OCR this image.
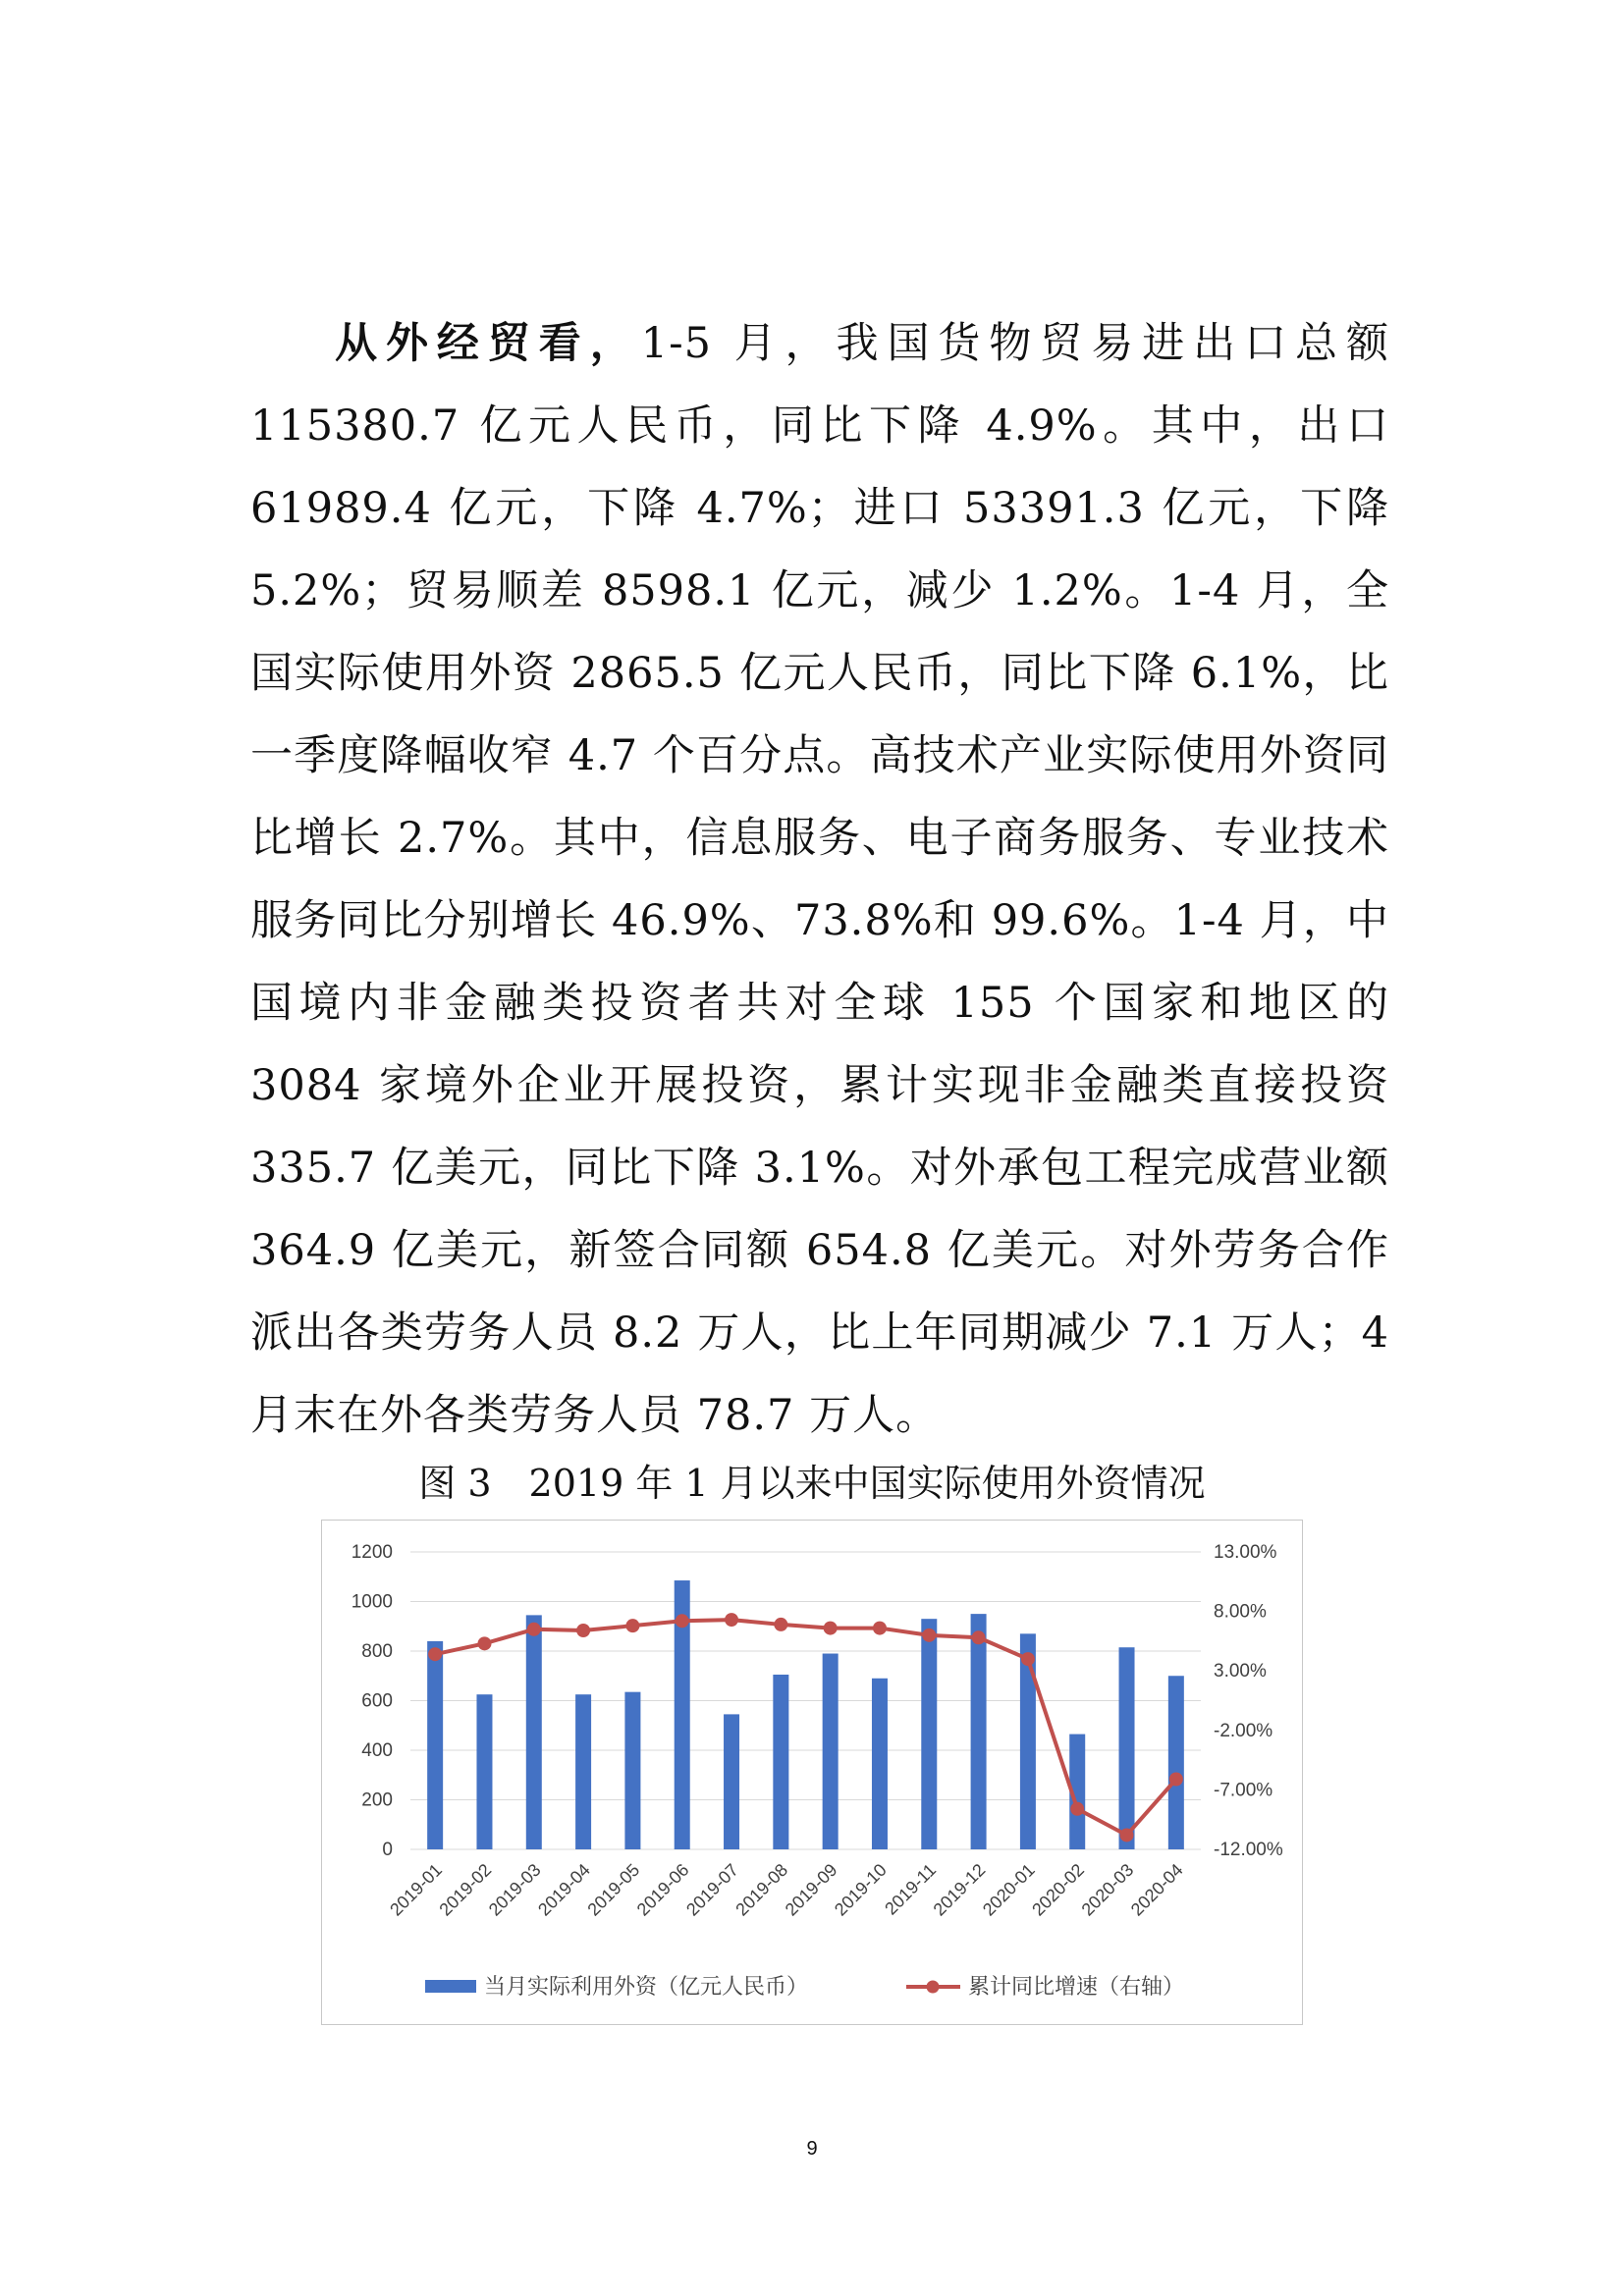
从外经贸看，1-5 月，我国货物贸易进出口总额 115380.7 亿元人民币，同比下降 4.9%。其中，出口 61989.4 亿元，下降 4.7%；进口 53391.3 亿元，下降 5.2%；贸易顺差 8598.1 亿元，减少 1.2%。1-4 月，全国实际使用外资 2865.5 亿元人民币，同比下降 6.1%，比一季度降幅收窄 4.7 个百分点。高技术产业实际使用外资同比增长 2.7%。其中，信息服务、电子商务服务、专业技术服务同比分别增长 46.9%、73.8%和 99.6%。1-4 月，中国境内非金融类投资者共对全球 155 个国家和地区的 3084 家境外企业开展投资，累计实现非金融类直接投资 335.7 亿美元，同比下降 3.1%。对外承包工程完成营业额 364.9 亿美元，新签合同额 654.8 亿美元。对外劳务合作派出各类劳务人员 8.2 万人，比上年同期减少 7.1 万人；4 月末在外各类劳务人员 78.7 万人。

图 3　2019 年 1 月以来中国实际使用外资情况
0
200
400
600
800
1000
1200
-12.00%
-7.00%
-2.00%
3.00%
8.00%
13.00%
2019-01
2019-02
2019-03
2019-04
2019-05
2019-06
2019-07
2019-08
2019-09
2019-10
2019-11
2019-12
2020-01
2020-02
2020-03
2020-04
当月实际利用外资（亿元人民币）	累计同比增速（右轴）
9
